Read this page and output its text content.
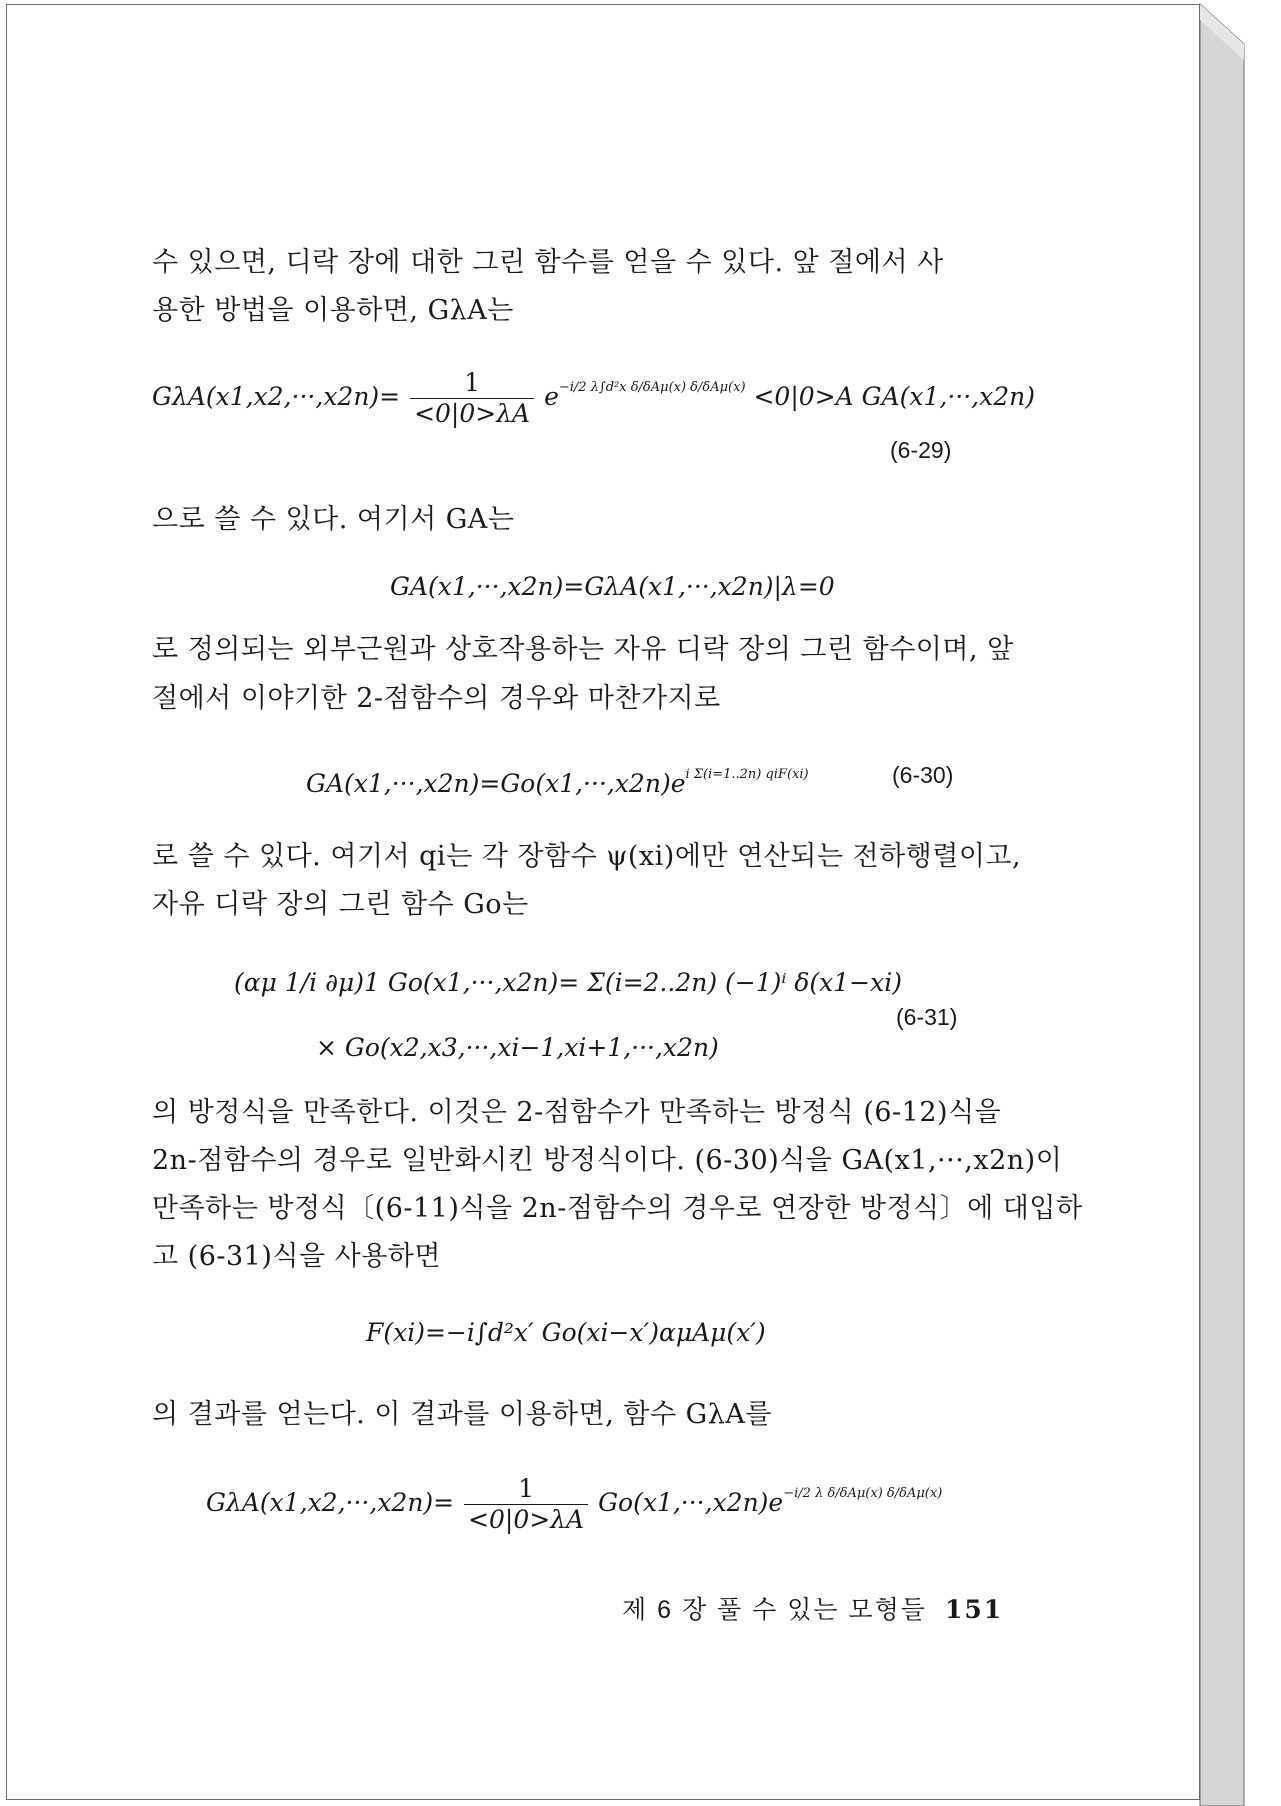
수 있으면, 디락 장에 대한 그린 함수를 얻을 수 있다. 앞 절에서 사
용한 방법을 이용하면, GλA는
$G\lambda A(x1,x2,\cdot\cdot\cdot,x2n)= \frac{1}{<0|0>\lambda A} e^{-i/2 \lambda\int d^2x \delta/\delta A\mu(x) \delta/\delta A\mu(x)} <0|0>A$ GA(x1,···,x2n)
(6-29)
으로 쓸 수 있다. 여기서 GA는
GA(x1,···,x2n)=GλA(x1,···,x2n)|λ=0
로 정의되는 외부근원과 상호작용하는 자유 디락 장의 그린 함수이며, 앞
절에서 이야기한 2-점함수의 경우와 마찬가지로
$GA(x1,\cdot\cdot\cdot,x2n)=Go(x1,\cdot\cdot\cdot,x2n)e^{i \Sigma(i=1..2n) qiF(xi)}$	(6-30)
로 쓸 수 있다. 여기서 qi는 각 장함수 ψ(xi)에만 연산되는 전하행렬이고,
자유 디락 장의 그린 함수 Go는
(αμ 1/i ∂μ)1 Go(x1,···,x2n)= Σ(i=2..2n) (−1)ⁱ δ(x1−xi)
× Go(x2,x3,···,xi−1,xi+1,···,x2n)
(6-31)
의 방정식을 만족한다. 이것은 2-점함수가 만족하는 방정식 (6-12)식을
2n-점함수의 경우로 일반화시킨 방정식이다. (6-30)식을 GA(x1,···,x2n)이
만족하는 방정식〔(6-11)식을 2n-점함수의 경우로 연장한 방정식〕에 대입하
고 (6-31)식을 사용하면
F(xi)=−i∫d²x′ Go(xi−x′)αμAμ(x′)
의 결과를 얻는다. 이 결과를 이용하면, 함수 GλA를
$G\lambda A(x1,x2,\cdot\cdot\cdot,x2n)= \frac{1}{<0|0>\lambda A} Go(x1,\cdot\cdot\cdot,x2n)e^{-i/2 \lambda \delta/\delta A\mu(x) \delta/\delta A\mu(x)}$
제 6 장 풀 수 있는 모형들 151
